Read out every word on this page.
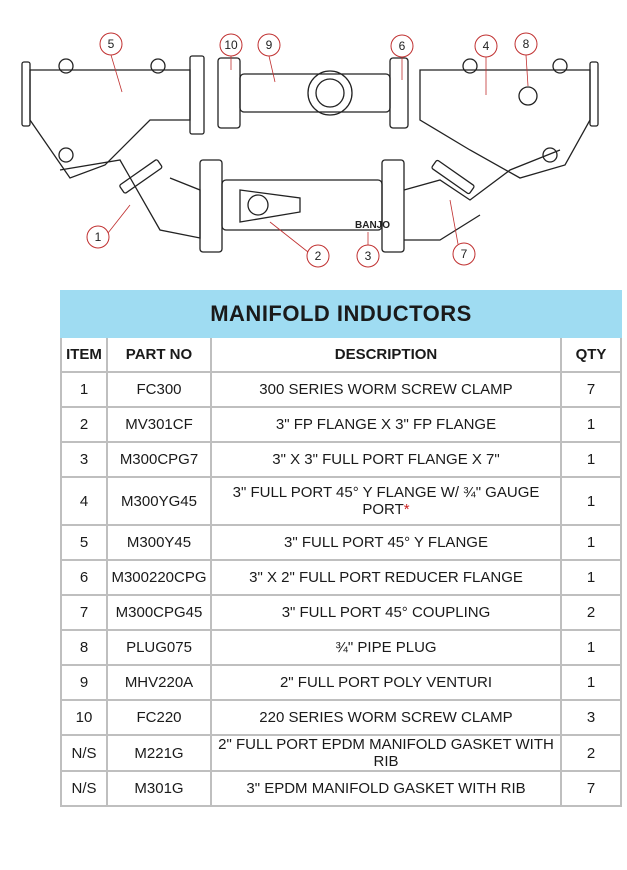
BANJO
1
2	3
4
5	6
7
8
9
10
MANIFOLD INDUCTORS			
ITEM	PART NO	DESCRIPTION	QTY
1	FC300	300 SERIES WORM SCREW CLAMP	7
2	MV301CF	3" FP FLANGE X 3" FP FLANGE	1
3	M300CPG7	3" X 3" FULL PORT FLANGE X 7"	1
4	M300YG45	3" FULL PORT 45° Y FLANGE W/ ¾" GAUGE PORT*	1
5	M300Y45	3" FULL PORT 45° Y FLANGE	1
6	M300220CPG	3" X 2" FULL PORT REDUCER FLANGE	1
7	M300CPG45	3" FULL PORT 45° COUPLING	2
8	PLUG075	¾" PIPE PLUG	1
9	MHV220A	2" FULL PORT POLY VENTURI	1
10	FC220	220 SERIES WORM SCREW CLAMP	3
N/S	M221G	2" FULL PORT EPDM MANIFOLD GASKET WITH RIB	2
N/S	M301G	3" EPDM MANIFOLD GASKET WITH RIB	7
